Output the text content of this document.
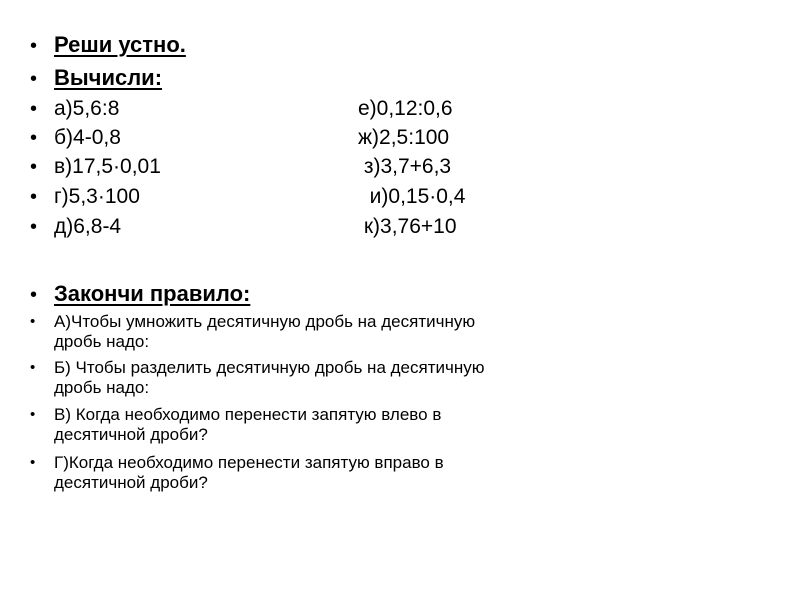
• Реши устно.
• Вычисли:
• а)5,6:8	е)0,12:0,6
• б)4-0,8	ж)2,5:100
• в)17,5·0,01	з)3,7+6,3
• г)5,3·100	и)0,15·0,4
• д)6,8-4	к)3,76+10
• Закончи правило:
•	А)Чтобы умножить десятичную дробь на десятичную
дробь надо:
•	Б) Чтобы разделить десятичную дробь на десятичную
дробь надо:
•	В) Когда необходимо перенести запятую влево в
десятичной дроби?
•	Г)Когда необходимо перенести запятую вправо в
десятичной дроби?
